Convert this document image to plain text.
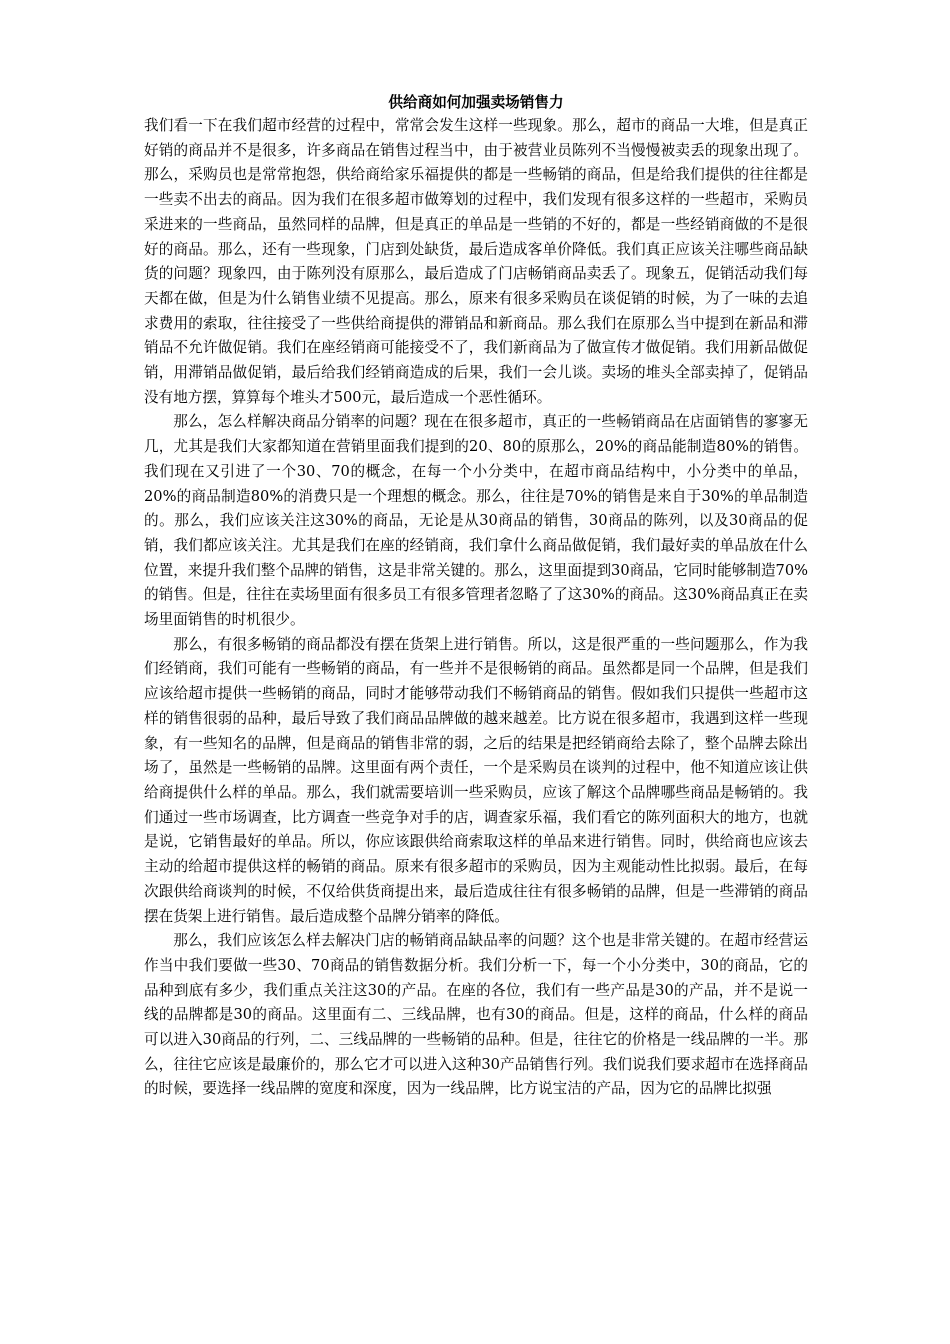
供给商如何加强卖场销售力

我们看一下在我们超市经营的过程中，常常会发生这样一些现象。那么，超市的商品一大堆，但是真正好销的商品并不是很多，许多商品在销售过程当中，由于被营业员陈列不当慢慢被卖丢的现象出现了。那么，采购员也是常常抱怨，供给商给家乐福提供的都是一些畅销的商品，但是给我们提供的往往都是一些卖不出去的商品。因为我们在很多超市做筹划的过程中，我们发现有很多这样的一些超市，采购员采进来的一些商品，虽然同样的品牌，但是真正的单品是一些销的不好的，都是一些经销商做的不是很好的商品。那么，还有一些现象，门店到处缺货，最后造成客单价降低。我们真正应该关注哪些商品缺货的问题？现象四，由于陈列没有原那么，最后造成了门店畅销商品卖丢了。现象五，促销活动我们每天都在做，但是为什么销售业绩不见提高。那么，原来有很多采购员在谈促销的时候，为了一味的去追求费用的索取，往往接受了一些供给商提供的滞销品和新商品。那么我们在原那么当中提到在新品和滞销品不允许做促销。我们在座经销商可能接受不了，我们新商品为了做宣传才做促销。我们用新品做促销，用滞销品做促销，最后给我们经销商造成的后果，我们一会儿谈。卖场的堆头全部卖掉了，促销品没有地方摆，算算每个堆头才500元，最后造成一个恶性循环。

那么，怎么样解决商品分销率的问题？现在在很多超市，真正的一些畅销商品在店面销售的寥寥无几，尤其是我们大家都知道在营销里面我们提到的20、80的原那么，20%的商品能制造80%的销售。我们现在又引进了一个30、70的概念，在每一个小分类中，在超市商品结构中，小分类中的单品，20%的商品制造80%的消费只是一个理想的概念。那么，往往是70%的销售是来自于30%的单品制造的。那么，我们应该关注这30%的商品，无论是从30商品的销售，30商品的陈列，以及30商品的促销，我们都应该关注。尤其是我们在座的经销商，我们拿什么商品做促销，我们最好卖的单品放在什么位置，来提升我们整个品牌的销售，这是非常关键的。那么，这里面提到30商品，它同时能够制造70%的销售。但是，往往在卖场里面有很多员工有很多管理者忽略了了这30%的商品。这30%商品真正在卖场里面销售的时机很少。

那么，有很多畅销的商品都没有摆在货架上进行销售。所以，这是很严重的一些问题那么，作为我们经销商，我们可能有一些畅销的商品，有一些并不是很畅销的商品。虽然都是同一个品牌，但是我们应该给超市提供一些畅销的商品，同时才能够带动我们不畅销商品的销售。假如我们只提供一些超市这样的销售很弱的品种，最后导致了我们商品品牌做的越来越差。比方说在很多超市，我遇到这样一些现象，有一些知名的品牌，但是商品的销售非常的弱，之后的结果是把经销商给去除了，整个品牌去除出场了，虽然是一些畅销的品牌。这里面有两个责任，一个是采购员在谈判的过程中，他不知道应该让供给商提供什么样的单品。那么，我们就需要培训一些采购员，应该了解这个品牌哪些商品是畅销的。我们通过一些市场调查，比方调查一些竞争对手的店，调查家乐福，我们看它的陈列面积大的地方，也就是说，它销售最好的单品。所以，你应该跟供给商索取这样的单品来进行销售。同时，供给商也应该去主动的给超市提供这样的畅销的商品。原来有很多超市的采购员，因为主观能动性比拟弱。最后，在每次跟供给商谈判的时候，不仅给供货商提出来，最后造成往往有很多畅销的品牌，但是一些滞销的商品摆在货架上进行销售。最后造成整个品牌分销率的降低。

那么，我们应该怎么样去解决门店的畅销商品缺品率的问题？这个也是非常关键的。在超市经营运作当中我们要做一些30、70商品的销售数据分析。我们分析一下，每一个小分类中，30的商品，它的品种到底有多少，我们重点关注这30的产品。在座的各位，我们有一些产品是30的产品，并不是说一线的品牌都是30的商品。这里面有二、三线品牌，也有30的商品。但是，这样的商品，什么样的商品可以进入30商品的行列，二、三线品牌的一些畅销的品种。但是，往往它的价格是一线品牌的一半。那么，往往它应该是最廉价的，那么它才可以进入这种30产品销售行列。我们说我们要求超市在选择商品的时候，要选择一线品牌的宽度和深度，因为一线品牌，比方说宝洁的产品，因为它的品牌比拟强
